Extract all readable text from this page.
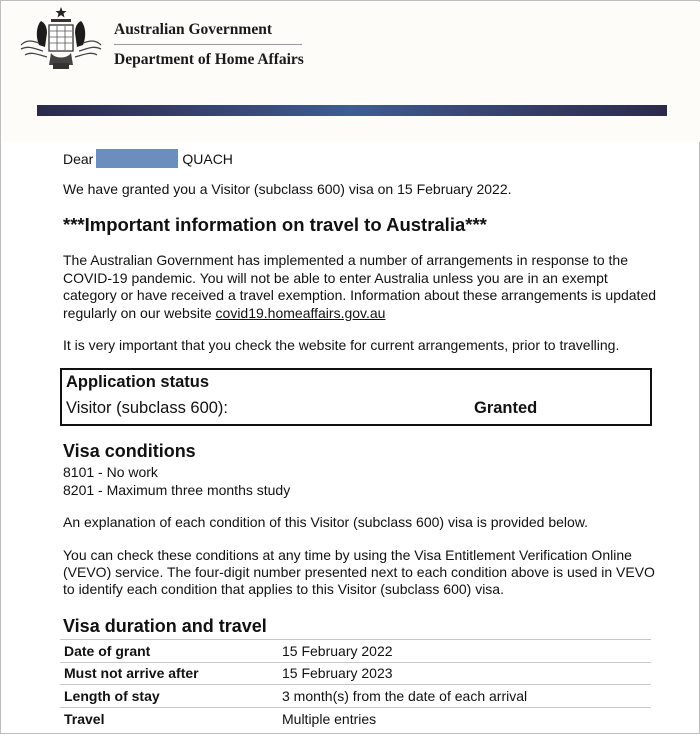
Australian Government
Department of Home Affairs
Dear	QUACH
We have granted you a Visitor (subclass 600) visa on 15 February 2022.
***Important information on travel to Australia***

The Australian Government has implemented a number of arrangements in response to the COVID-19 pandemic. You will not be able to enter Australia unless you are in an exempt category or have received a travel exemption. Information about these arrangements is updated regularly on our website covid19.homeaffairs.gov.au

It is very important that you check the website for current arrangements, prior to travelling.
Application status
Visitor (subclass 600):	Granted
Visa conditions
8101 - No work
8201 - Maximum three months study
An explanation of each condition of this Visitor (subclass 600) visa is provided below.

You can check these conditions at any time by using the Visa Entitlement Verification Online (VEVO) service. The four-digit number presented next to each condition above is used in VEVO to identify each condition that applies to this Visitor (subclass 600) visa.

Visa duration and travel
Date of grant	15 February 2022
Must not arrive after	15 February 2023
Length of stay	3 month(s) from the date of each arrival
Travel	Multiple entries
